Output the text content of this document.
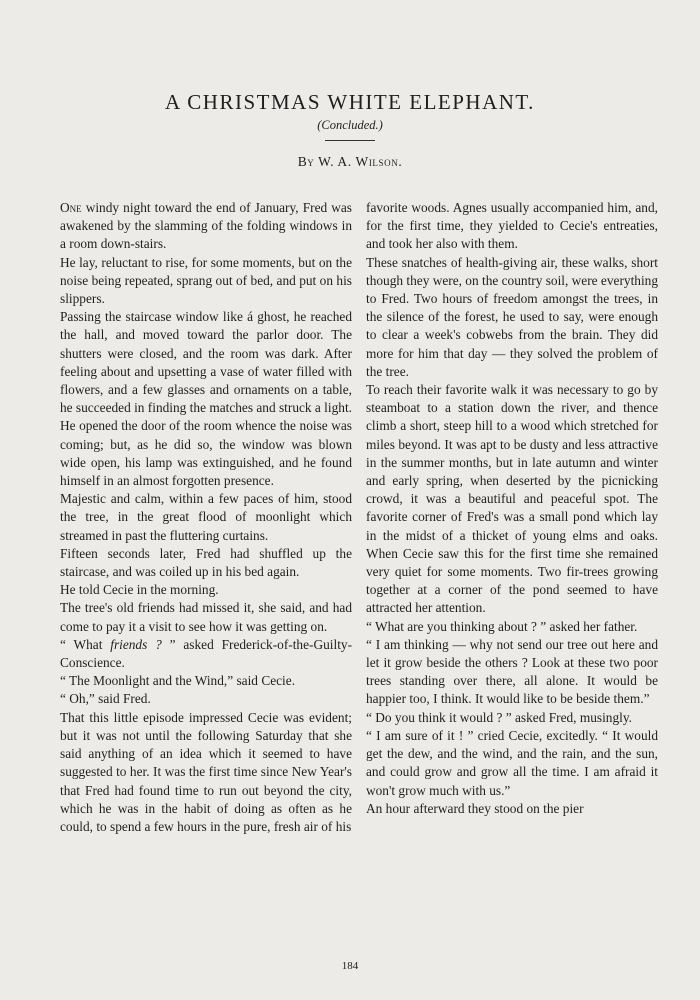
A CHRISTMAS WHITE ELEPHANT.
(Concluded.)
By W. A. Wilson.

One windy night toward the end of January, Fred was awakened by the slamming of the folding windows in a room down-stairs.

He lay, reluctant to rise, for some moments, but on the noise being repeated, sprang out of bed, and put on his slippers.

Passing the staircase window like á ghost, he reached the hall, and moved toward the parlor door. The shutters were closed, and the room was dark. After feeling about and upsetting a vase of water filled with flowers, and a few glasses and ornaments on a table, he succeeded in finding the matches and struck a light.

He opened the door of the room whence the noise was coming; but, as he did so, the window was blown wide open, his lamp was extinguished, and he found himself in an almost forgotten presence.

Majestic and calm, within a few paces of him, stood the tree, in the great flood of moonlight which streamed in past the fluttering curtains.

Fifteen seconds later, Fred had shuffled up the staircase, and was coiled up in his bed again.

He told Cecie in the morning.

The tree's old friends had missed it, she said, and had come to pay it a visit to see how it was getting on.

“ What friends ? ” asked Frederick-of-the-Guilty-Conscience.

“ The Moonlight and the Wind,” said Cecie.

“ Oh,” said Fred.

That this little episode impressed Cecie was evident; but it was not until the following Saturday that she said anything of an idea which it seemed to have suggested to her. It was the first time since New Year's that Fred had found time to run out beyond the city, which he was in the habit of doing as often as he could, to spend a few hours in the pure, fresh air of his

favorite woods. Agnes usually accompanied him, and, for the first time, they yielded to Cecie's entreaties, and took her also with them.

These snatches of health-giving air, these walks, short though they were, on the country soil, were everything to Fred. Two hours of freedom amongst the trees, in the silence of the forest, he used to say, were enough to clear a week's cobwebs from the brain. They did more for him that day — they solved the problem of the tree.

To reach their favorite walk it was necessary to go by steamboat to a station down the river, and thence climb a short, steep hill to a wood which stretched for miles beyond. It was apt to be dusty and less attractive in the summer months, but in late autumn and winter and early spring, when deserted by the picnicking crowd, it was a beautiful and peaceful spot. The favorite corner of Fred's was a small pond which lay in the midst of a thicket of young elms and oaks. When Cecie saw this for the first time she remained very quiet for some moments. Two fir-trees growing together at a corner of the pond seemed to have attracted her attention.

“ What are you thinking about ? ” asked her father.

“ I am thinking — why not send our tree out here and let it grow beside the others ? Look at these two poor trees standing over there, all alone. It would be happier too, I think. It would like to be beside them.”

“ Do you think it would ? ” asked Fred, musingly.

“ I am sure of it ! ” cried Cecie, excitedly. “ It would get the dew, and the wind, and the rain, and the sun, and could grow and grow all the time. I am afraid it won't grow much with us.”

An hour afterward they stood on the pier

184
